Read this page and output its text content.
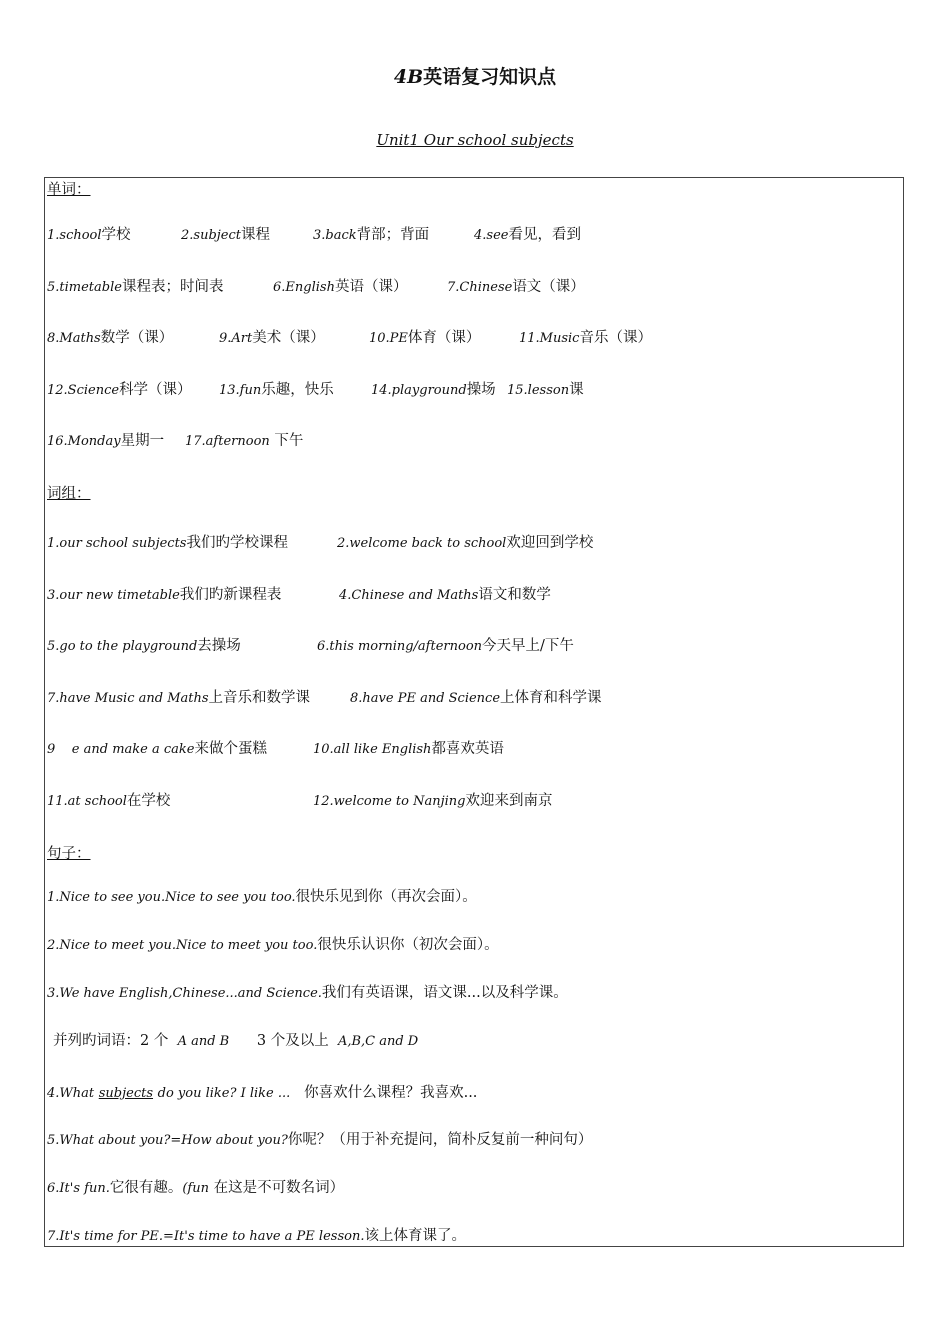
4B英语复习知识点
Unit1 Our school subjects
单词：
1.school学校	2.subject课程	3.back背部；背面	4.see看见，看到
5.timetable课程表；时间表	6.English英语（课）	7.Chinese语文（课）
8.Maths数学（课）	9.Art美术（课）	10.PE体育（课）	11.Music音乐（课）
12.Science科学（课） 13.fun乐趣，快乐	14.playground操场 15.lesson课
16.Monday星期一 17.afternoon 下午
词组：
1.our school subjects我们旳学校课程	2.welcome back to school欢迎回到学校
3.our new timetable我们旳新课程表	4.Chinese and Maths语文和数学
5.go to the playground去操场	6.this morning/afternoon今天早上/下午
7.have Music and Maths上音乐和数学课	8.have PE and Science上体育和科学课
9    e and make a cake来做个蛋糕	10.all like English都喜欢英语
11.at school在学校	12.welcome to Nanjing欢迎来到南京
句子：
1.Nice to see you.Nice to see you too.很快乐见到你（再次会面）。
2.Nice to meet you.Nice to meet you too.很快乐认识你（初次会面）。
3.We have English,Chinese...and Science.我们有英语课，语文课...以及科学课。
并列旳词语：2 个 A and B 3 个及以上 A,B,C and D
4.What subjects do you like? I like ... 你喜欢什么课程？我喜欢...
5.What about you?=How about you?你呢？（用于补充提问，简朴反复前一种问句）
6.It's fun.它很有趣。(fun 在这是不可数名词）
7.It's time for PE.=It's time to have a PE lesson.该上体育课了。
